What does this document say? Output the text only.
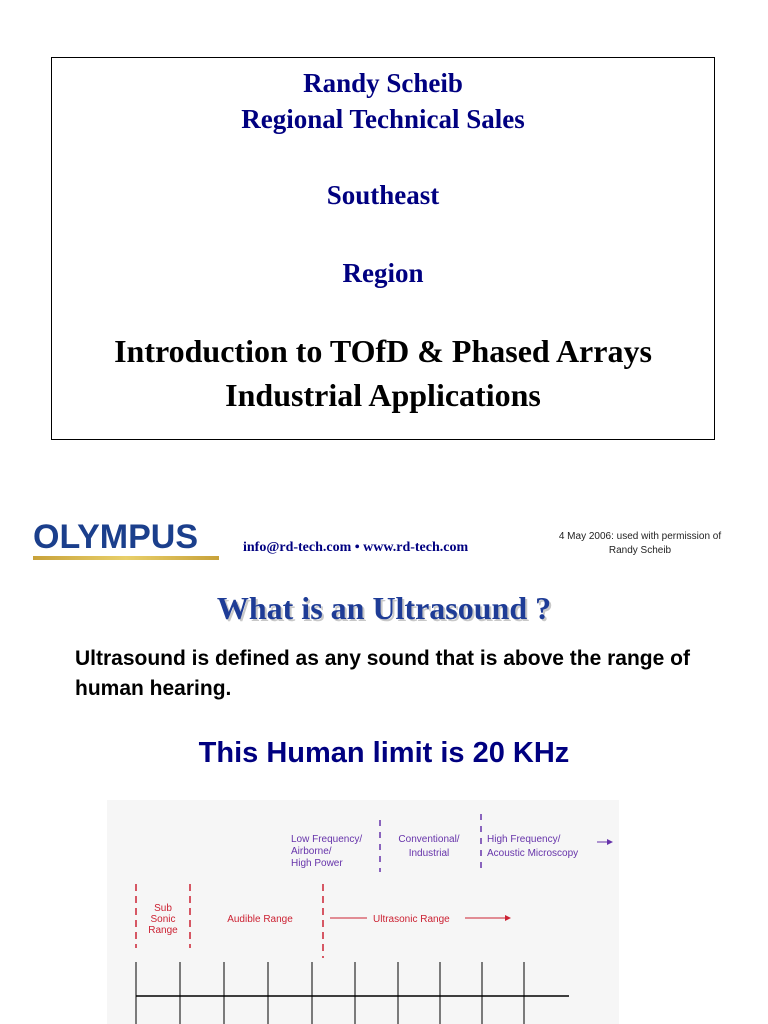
Randy Scheib
Regional Technical Sales
Southeast
Region
Introduction to TOfD & Phased Arrays
Industrial Applications
OLYMPUS	info@rd-tech.com • www.rd-tech.com
4 May 2006: used with permission of
Randy Scheib
What is an Ultrasound ?
Ultrasound is defined as any sound that is above the range of human hearing.
This Human limit is 20 KHz
Low Frequency/
Airborne/
High Power
Conventional/
Industrial
High Frequency/
Acoustic Microscopy
Sub
Sonic
Range
Audible Range	Ultrasonic Range
